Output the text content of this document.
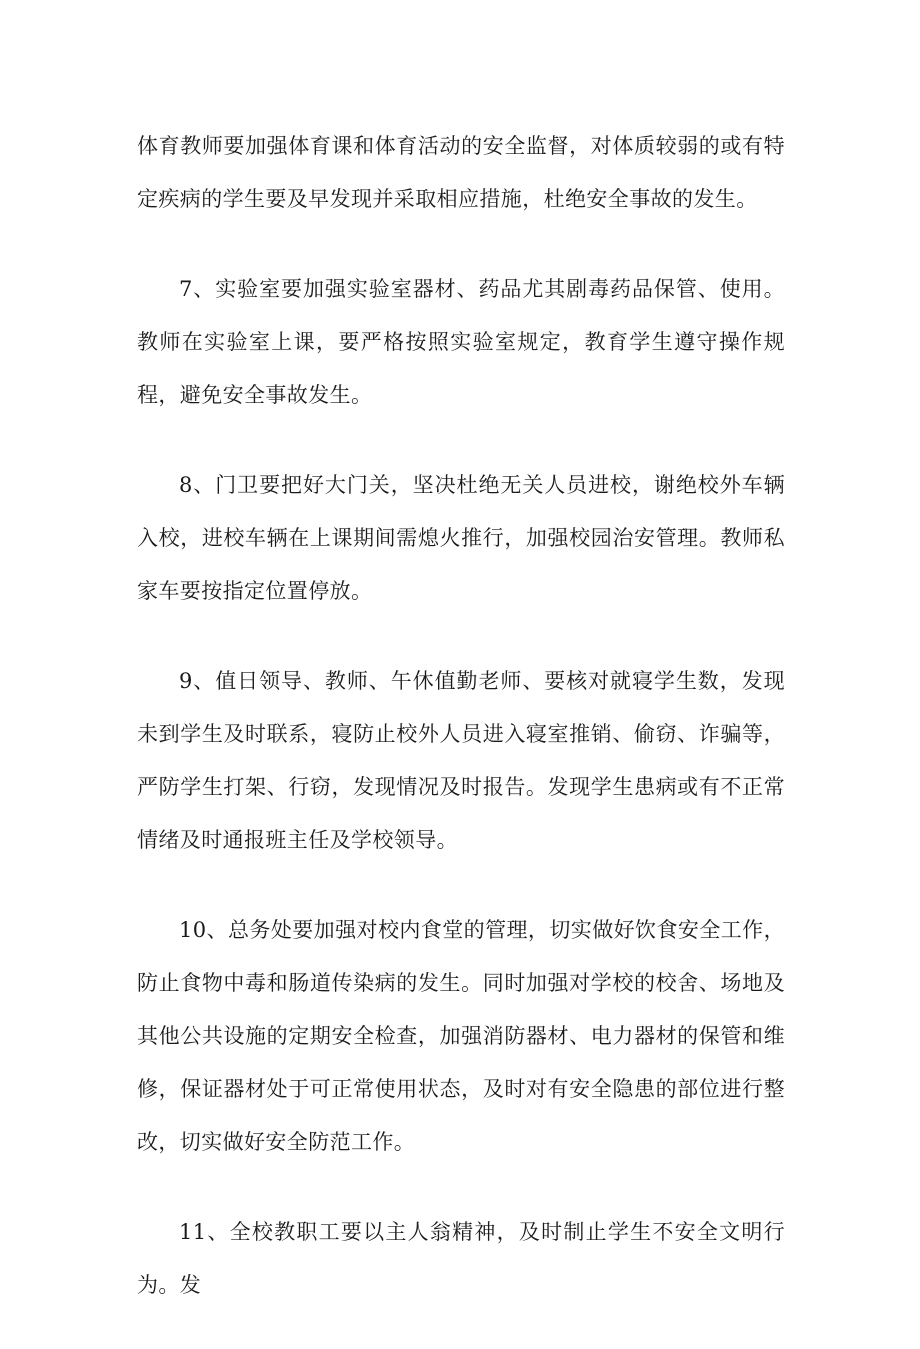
体育教师要加强体育课和体育活动的安全监督，对体质较弱的或有特定疾病的学生要及早发现并采取相应措施，杜绝安全事故的发生。

7、实验室要加强实验室器材、药品尤其剧毒药品保管、使用。教师在实验室上课，要严格按照实验室规定，教育学生遵守操作规程，避免安全事故发生。

8、门卫要把好大门关，坚决杜绝无关人员进校，谢绝校外车辆入校，进校车辆在上课期间需熄火推行，加强校园治安管理。教师私家车要按指定位置停放。

9、值日领导、教师、午休值勤老师、要核对就寝学生数，发现未到学生及时联系，寝防止校外人员进入寝室推销、偷窃、诈骗等，严防学生打架、行窃，发现情况及时报告。发现学生患病或有不正常情绪及时通报班主任及学校领导。

10、总务处要加强对校内食堂的管理，切实做好饮食安全工作，防止食物中毒和肠道传染病的发生。同时加强对学校的校舍、场地及其他公共设施的定期安全检查，加强消防器材、电力器材的保管和维修，保证器材处于可正常使用状态，及时对有安全隐患的部位进行整改，切实做好安全防范工作。

11、全校教职工要以主人翁精神，及时制止学生不安全文明行为。发
